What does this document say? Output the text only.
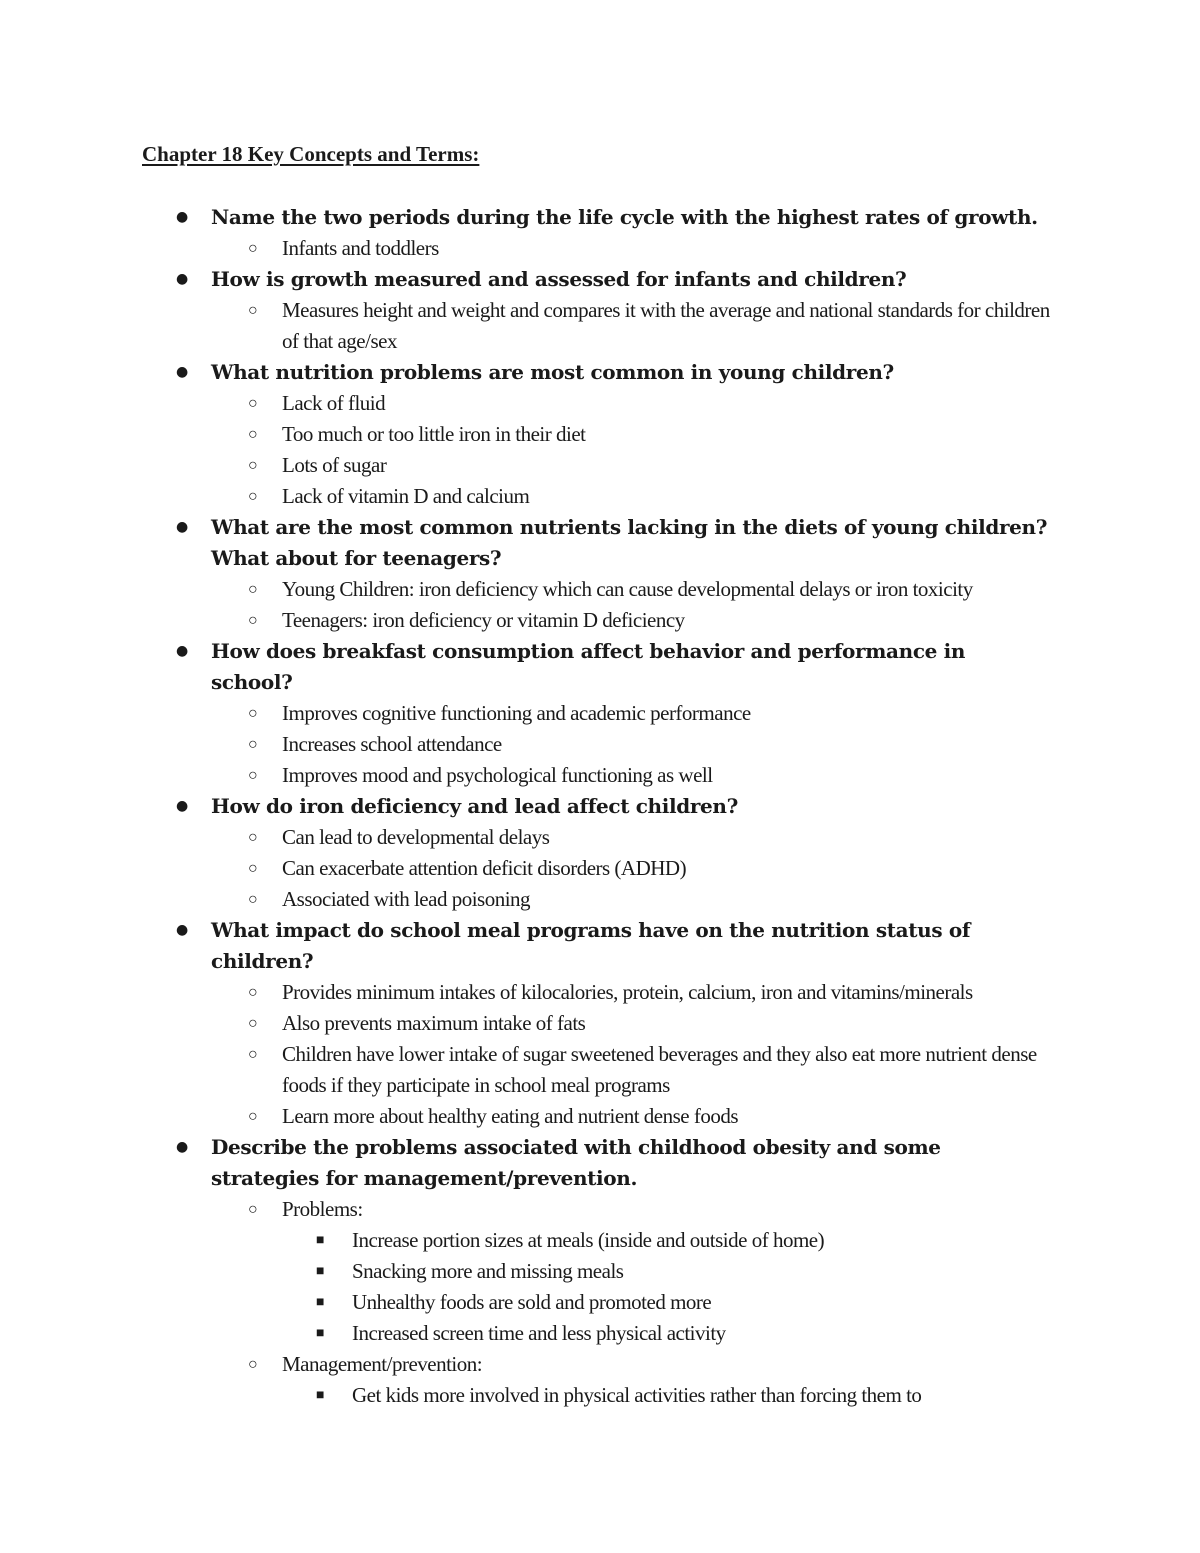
Chapter 18 Key Concepts and Terms:
● Name the two periods during the life cycle with the highest rates of growth.
○ Infants and toddlers
● How is growth measured and assessed for infants and children?
○ Measures height and weight and compares it with the average and national standards for children of that age/sex
● What nutrition problems are most common in young children?
○ Lack of fluid
○ Too much or too little iron in their diet
○ Lots of sugar
○ Lack of vitamin D and calcium
● What are the most common nutrients lacking in the diets of young children? What about for teenagers?
○ Young Children: iron deficiency which can cause developmental delays or iron toxicity
○ Teenagers: iron deficiency or vitamin D deficiency
● How does breakfast consumption affect behavior and performance in school?
○ Improves cognitive functioning and academic performance
○ Increases school attendance
○ Improves mood and psychological functioning as well
● How do iron deficiency and lead affect children?
○ Can lead to developmental delays
○ Can exacerbate attention deficit disorders (ADHD)
○ Associated with lead poisoning
● What impact do school meal programs have on the nutrition status of children?
○ Provides minimum intakes of kilocalories, protein, calcium, iron and vitamins/minerals
○ Also prevents maximum intake of fats
○ Children have lower intake of sugar sweetened beverages and they also eat more nutrient dense foods if they participate in school meal programs
○ Learn more about healthy eating and nutrient dense foods
● Describe the problems associated with childhood obesity and some strategies for management/prevention.
○ Problems:
■ Increase portion sizes at meals (inside and outside of home)
■ Snacking more and missing meals
■ Unhealthy foods are sold and promoted more
■ Increased screen time and less physical activity
○ Management/prevention:
■ Get kids more involved in physical activities rather than forcing them to
